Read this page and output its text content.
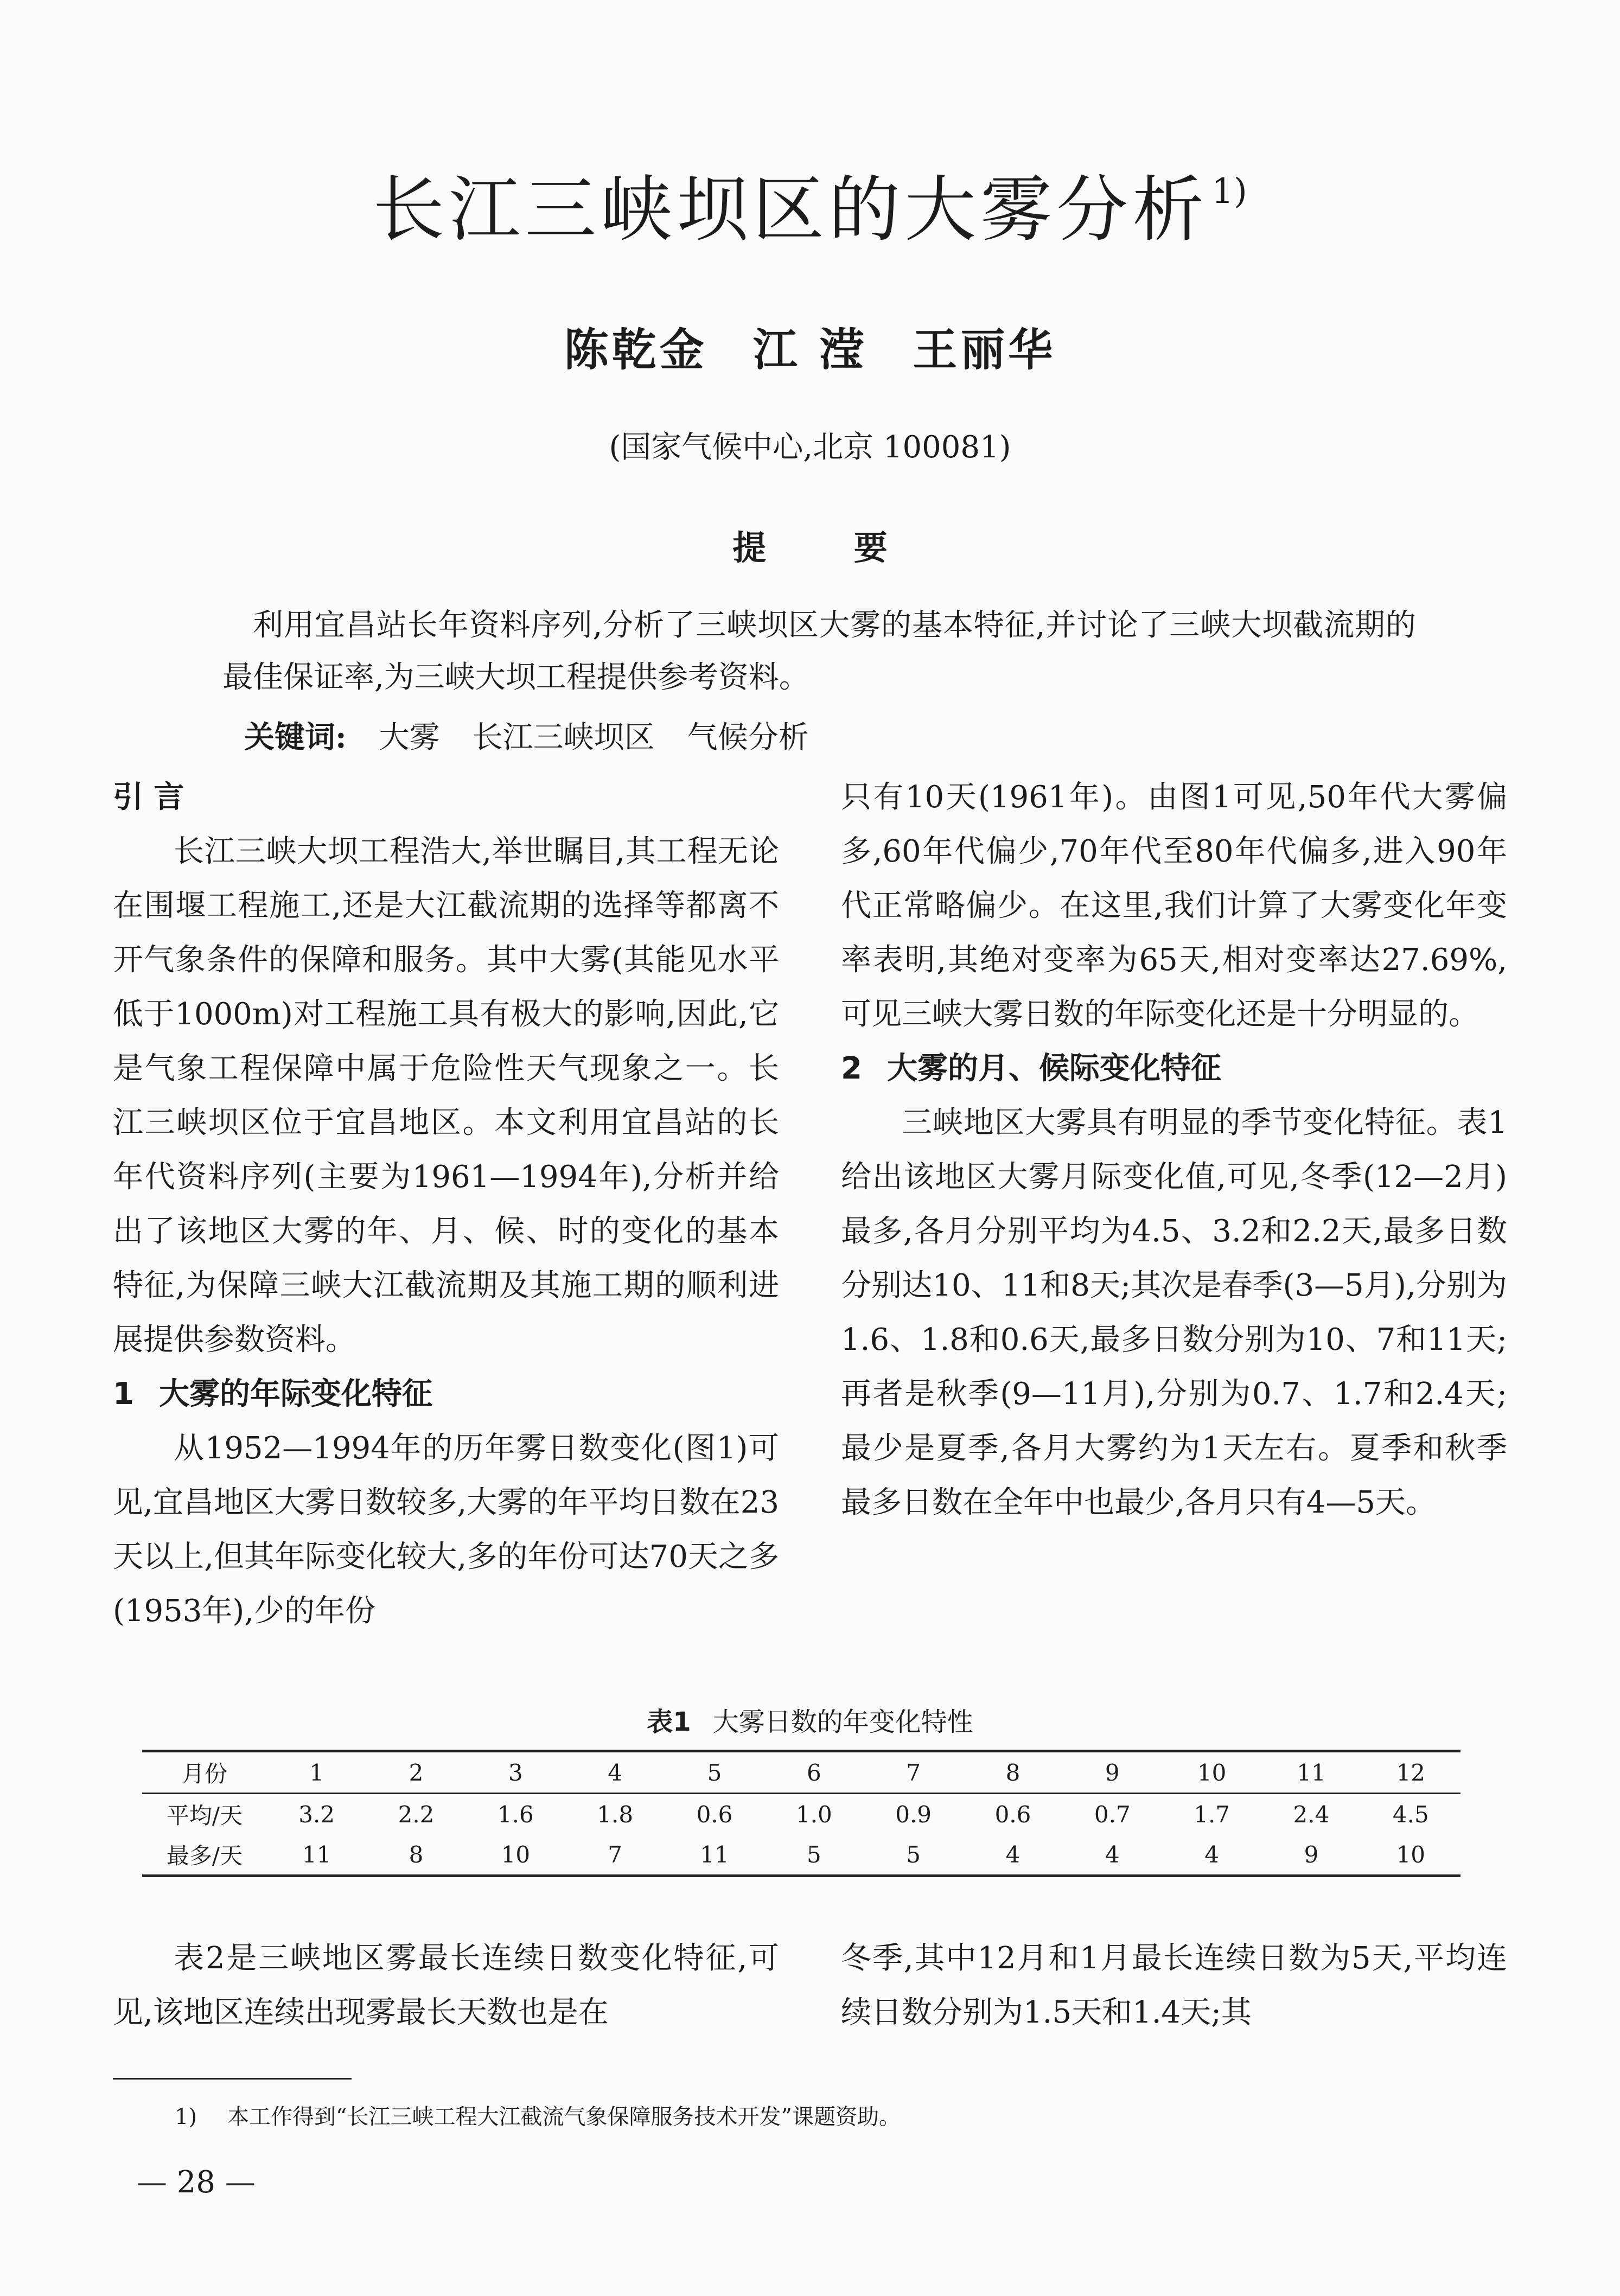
长江三峡坝区的大雾分析$^{1)}$
陈乾金 江 滢 王丽华
(国家气候中心,北京 100081)
提 要
利用宜昌站长年资料序列,分析了三峡坝区大雾的基本特征,并讨论了三峡大坝截流期的最佳保证率,为三峡大坝工程提供参考资料。
关键词: 大雾 长江三峡坝区 气候分析
引 言

长江三峡大坝工程浩大,举世瞩目,其工程无论在围堰工程施工,还是大江截流期的选择等都离不开气象条件的保障和服务。其中大雾(其能见水平低于1000m)对工程施工具有极大的影响,因此,它是气象工程保障中属于危险性天气现象之一。长江三峡坝区位于宜昌地区。本文利用宜昌站的长年代资料序列(主要为1961—1994年),分析并给出了该地区大雾的年、月、候、时的变化的基本特征,为保障三峡大江截流期及其施工期的顺利进展提供参数资料。

1 大雾的年际变化特征

从1952—1994年的历年雾日数变化(图1)可见,宜昌地区大雾日数较多,大雾的年平均日数在23天以上,但其年际变化较大,多的年份可达70天之多(1953年),少的年份

只有10天(1961年)。由图1可见,50年代大雾偏多,60年代偏少,70年代至80年代偏多,进入90年代正常略偏少。在这里,我们计算了大雾变化年变率表明,其绝对变率为65天,相对变率达27.69%,可见三峡大雾日数的年际变化还是十分明显的。

2 大雾的月、候际变化特征

三峡地区大雾具有明显的季节变化特征。表1给出该地区大雾月际变化值,可见,冬季(12—2月)最多,各月分别平均为4.5、3.2和2.2天,最多日数分别达10、11和8天;其次是春季(3—5月),分别为1.6、1.8和0.6天,最多日数分别为10、7和11天;再者是秋季(9—11月),分别为0.7、1.7和2.4天;最少是夏季,各月大雾约为1天左右。夏季和秋季最多日数在全年中也最少,各月只有4—5天。

表1 大雾日数的年变化特性
月份	1	2	3	4	5	6	7	8	9	10	11	12
平均/天	3.2	2.2	1.6	1.8	0.6	1.0	0.9	0.6	0.7	1.7	2.4	4.5
最多/天	11	8	10	7	11	5	5	4	4	4	9	10

表2是三峡地区雾最长连续日数变化特征,可见,该地区连续出现雾最长天数也是在

冬季,其中12月和1月最长连续日数为5天,平均连续日数分别为1.5天和1.4天;其

1) 本工作得到“长江三峡工程大江截流气象保障服务技术开发”课题资助。
— 28 —
